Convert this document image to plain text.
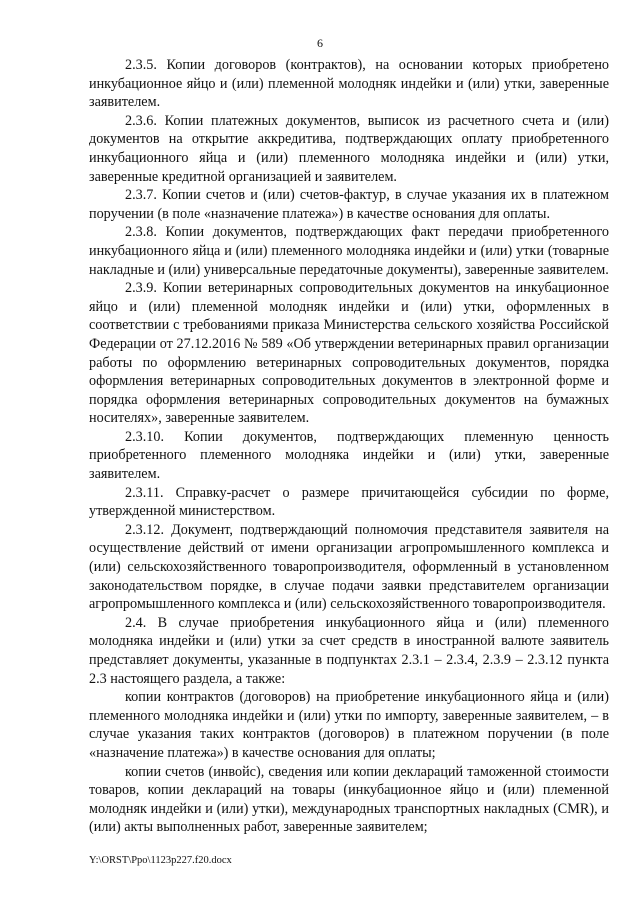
6

2.3.5. Копии договоров (контрактов), на основании которых приобретено инкубационное яйцо и (или) племенной молодняк индейки и (или) утки, заверенные заявителем.

2.3.6. Копии платежных документов, выписок из расчетного счета и (или) документов на открытие аккредитива, подтверждающих оплату приобретенного инкубационного яйца и (или) племенного молодняка индейки и (или) утки, заверенные кредитной организацией и заявителем.

2.3.7. Копии счетов и (или) счетов-фактур, в случае указания их в платежном поручении (в поле «назначение платежа») в качестве основания для оплаты.

2.3.8. Копии документов, подтверждающих факт передачи приобретенного инкубационного яйца и (или) племенного молодняка индейки и (или) утки (товарные накладные и (или) универсальные передаточные документы), заверенные заявителем.

2.3.9. Копии ветеринарных сопроводительных документов на инкубационное яйцо и (или) племенной молодняк индейки и (или) утки, оформленных в соответствии с требованиями приказа Министерства сельского хозяйства Российской Федерации от 27.12.2016 № 589 «Об утверждении ветеринарных правил организации работы по оформлению ветеринарных сопроводительных документов, порядка оформления ветеринарных сопроводительных документов в электронной форме и порядка оформления ветеринарных сопроводительных документов на бумажных носителях», заверенные заявителем.

2.3.10. Копии документов, подтверждающих племенную ценность приобретенного племенного молодняка индейки и (или) утки, заверенные заявителем.

2.3.11. Справку-расчет о размере причитающейся субсидии по форме, утвержденной министерством.

2.3.12. Документ, подтверждающий полномочия представителя заявителя на осуществление действий от имени организации агропромышленного комплекса и (или) сельскохозяйственного товаропроизводителя, оформленный в установленном законодательством порядке, в случае подачи заявки представителем организации агропромышленного комплекса и (или) сельскохозяйственного товаропроизводителя.

2.4. В случае приобретения инкубационного яйца и (или) племенного молодняка индейки и (или) утки за счет средств в иностранной валюте заявитель представляет документы, указанные в подпунктах 2.3.1 – 2.3.4, 2.3.9 – 2.3.12 пункта 2.3 настоящего раздела, а также:

копии контрактов (договоров) на приобретение инкубационного яйца и (или) племенного молодняка индейки и (или) утки по импорту, заверенные заявителем, – в случае указания таких контрактов (договоров) в платежном поручении (в поле «назначение платежа») в качестве основания для оплаты;

копии счетов (инвойс), сведения или копии деклараций таможенной стоимости товаров, копии деклараций на товары (инкубационное яйцо и (или) племенной молодняк индейки и (или) утки), международных транспортных накладных (CMR), и (или) акты выполненных работ, заверенные заявителем;

Y:\ORST\Ppo\1123p227.f20.docx
